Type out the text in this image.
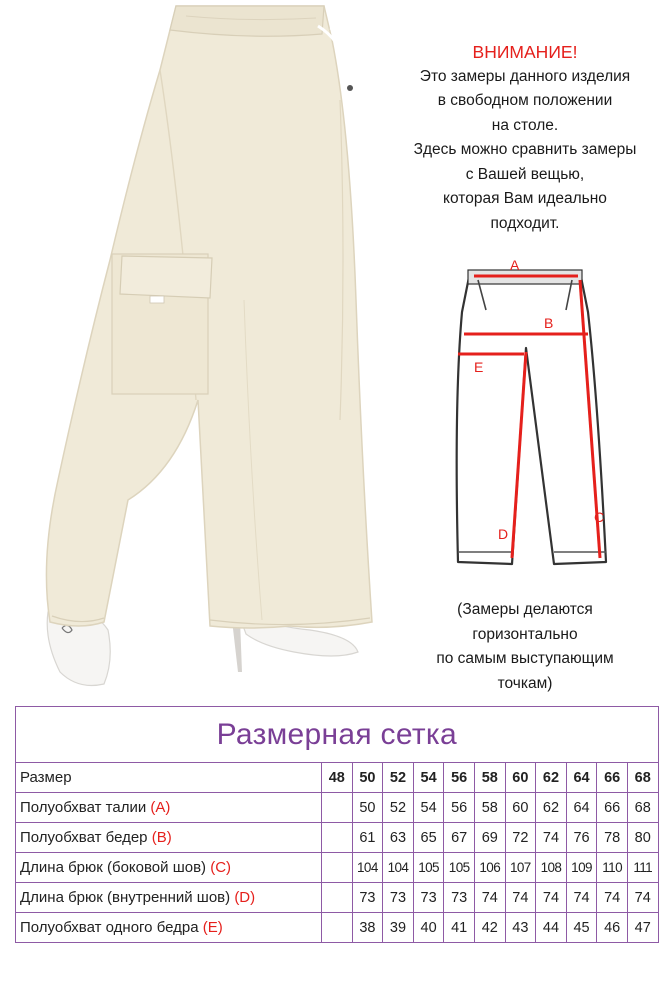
ВНИМАНИЕ!
Это замеры данного изделия
в свободном положении
на столе.
Здесь можно сравнить замеры
с Вашей вещью,
которая Вам идеально
подходит.
A
B
E
C
D
(Замеры делаются
горизонтально
по самым выступающим
точкам)
Размерная сетка											
Размер	48	50	52	54	56	58	60	62	64	66	68
Полуобхват талии (A)		50	52	54	56	58	60	62	64	66	68
Полуобхват бедер (B)		61	63	65	67	69	72	74	76	78	80
Длина брюк (боковой шов) (C)		104	104	105	105	106	107	108	109	110	111
Длина брюк (внутренний шов) (D)		73	73	73	73	74	74	74	74	74	74
Полуобхват одного бедра (E)		38	39	40	41	42	43	44	45	46	47
